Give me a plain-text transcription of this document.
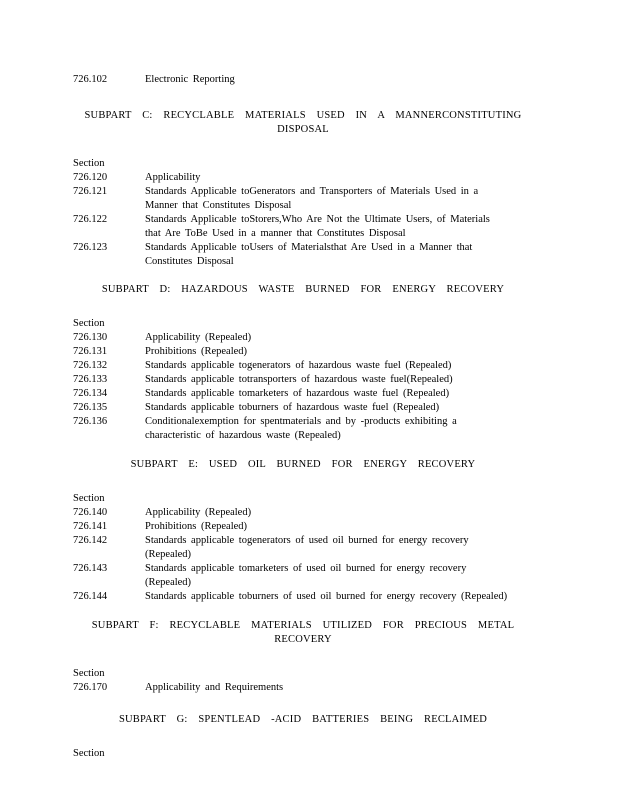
726.102	Electronic Reporting
SUBPART C: RECYCLABLE MATERIALS USED IN A MANNERCONSTITUTING
DISPOSAL
Section
726.120	Applicability
726.121	Standards Applicable toGenerators and Transporters of Materials Used in a
Manner that Constitutes Disposal
726.122	Standards Applicable toStorers,Who Are Not the Ultimate Users, of Materials
that Are ToBe Used in a manner that Constitutes Disposal
726.123	Standards Applicable toUsers of Materialsthat Are Used in a Manner that
Constitutes Disposal
SUBPART D: HAZARDOUS WASTE BURNED FOR ENERGY RECOVERY
Section
726.130	Applicability (Repealed)
726.131	Prohibitions (Repealed)
726.132	Standards applicable togenerators of hazardous waste fuel (Repealed)
726.133	Standards applicable totransporters of hazardous waste fuel(Repealed)
726.134	Standards applicable tomarketers of hazardous waste fuel (Repealed)
726.135	Standards applicable toburners of hazardous waste fuel (Repealed)
726.136	Conditionalexemption for spentmaterials and by -products exhibiting a
characteristic of hazardous waste (Repealed)
SUBPART E: USED OIL BURNED FOR ENERGY RECOVERY
Section
726.140	Applicability (Repealed)
726.141	Prohibitions (Repealed)
726.142	Standards applicable togenerators of used oil burned for energy recovery
(Repealed)
726.143	Standards applicable tomarketers of used oil burned for energy recovery
(Repealed)
726.144	Standards applicable toburners of used oil burned for energy recovery (Repealed)
SUBPART F: RECYCLABLE MATERIALS UTILIZED FOR PRECIOUS METAL
RECOVERY
Section
726.170	Applicability and Requirements
SUBPART G: SPENTLEAD -ACID BATTERIES BEING RECLAIMED
Section
